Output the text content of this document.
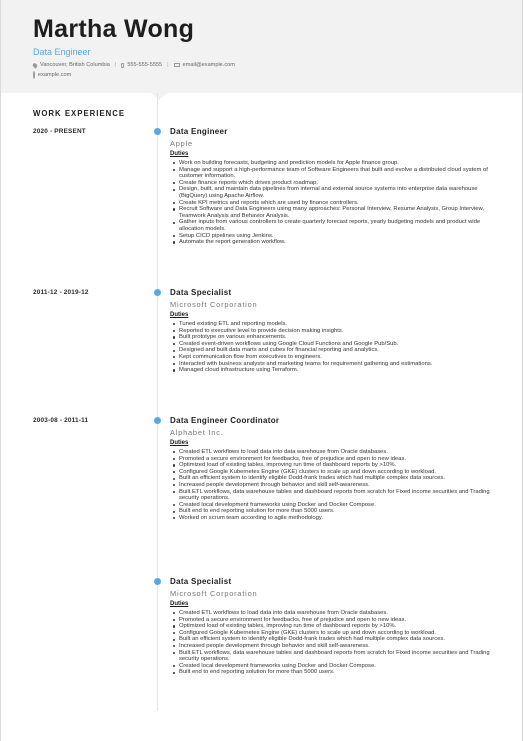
Martha Wong
Data Engineer
Vancouver, British Columbia | 555-555-5555 |	email@example.com
example.com
WORK EXPERIENCE
2020 - PRESENT	Data Engineer
Apple
Duties
Work on building forecasts, budgeting and prediction models for Apple finance group.
Manage and support a high-performance team of Software Engineers that built and evolve a distributed cloud system of customer information.
Create finance reports which drives product roadmap.
Design, built, and maintain data pipelines from internal and external source systems into enterprise data warehouse (BigQuery) using Apache Airflow.
Create KPI metrics and reports which are used by finance controllers.
Recruit Software and Data Engineers using many approaches: Personal Interview, Resume Analysis, Group Interview, Teamwork Analysis and Behavior Analysis.
Gather inputs from various controllers to create quarterly forecast reports, yearly budgeting models and product wide allocation models.
Setup CICD pipelines using Jenkins.
Automate the report generation workflow.
2011-12 - 2019-12	Data Specialist
Microsoft Corporation
Duties
Tuned existing ETL and reporting models.
Reported to executive level to provide decision making insights.
Built prototype on various enhancements.
Created event-driven workflows using Google Cloud Functions and Google Pub/Sub.
Designed and built data marts and cubes for financial reporting and analytics.
Kept communication flow from executives to engineers.
Interacted with business analysts and marketing teams for requirement gathering and estimations.
Managed cloud infrastructure using Terraform.
2003-08 - 2011-11	Data Engineer Coordinator
Alphabet Inc.
Duties
Created ETL workflows to load data into data warehouse from Oracle databases.
Promoted a secure environment for feedbacks, free of prejudice and open to new ideas.
Optimized load of existing tables, improving run time of dashboard reports by >10%.
Configured Google Kubernetes Engine (GKE) clusters to scale up and down according to workload.
Built an efficient system to identify eligible Dodd-frank trades which had multiple complex data sources.
Increased people development through behavior and skill self-awareness.
Built ETL workflows, data warehouse tables and dashboard reports from scratch for Fixed income securities and Trading security operations.
Created local development frameworks using Docker and Docker Compose.
Built end to end reporting solution for more than 5000 users.
Worked on scrum team according to agile methodology.
Data Specialist
Microsoft Corporation
Duties
Created ETL workflows to load data into data warehouse from Oracle databases.
Promoted a secure environment for feedbacks, free of prejudice and open to new ideas.
Optimized load of existing tables, improving run time of dashboard reports by >10%.
Configured Google Kubernetes Engine (GKE) clusters to scale up and down according to workload.
Built an efficient system to identify eligible Dodd-frank trades which had multiple complex data sources.
Increased people development through behavior and skill self-awareness.
Built ETL workflows, data warehouse tables and dashboard reports from scratch for Fixed income securities and Trading security operations.
Created local development frameworks using Docker and Docker Compose.
Built end to end reporting solution for more than 5000 users.
